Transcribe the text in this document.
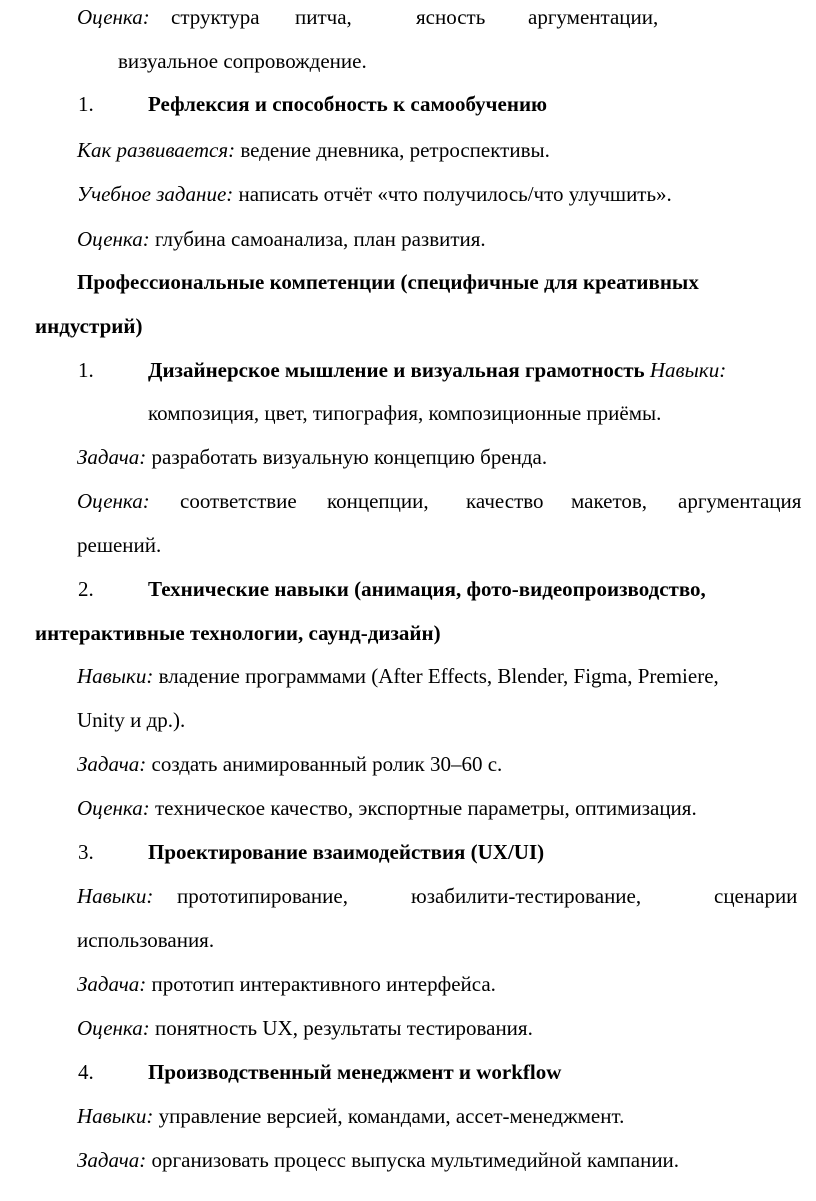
Оценка: структура питча,	ясность аргументации,
визуальное сопровождение.
1.	Рефлексия и способность к самообучению
Как развивается: ведение дневника, ретроспективы.
Учебное задание: написать отчёт «что получилось/что улучшить».
Оценка: глубина самоанализа, план развития.
Профессиональные компетенции (специфичные для креативных
индустрий)
1.	Дизайнерское мышление и визуальная грамотность Навыки:
композиция, цвет, типография, композиционные приёмы.
Задача: разработать визуальную концепцию бренда.
Оценка: соответствие концепции, качество макетов, аргументация
решений.
2.	Технические навыки (анимация, фото-видеопроизводство,
интерактивные технологии, саунд-дизайн)
Навыки: владение программами (After Effects, Blender, Figma, Premiere,
Unity и др.).
Задача: создать анимированный ролик 30–60 с.
Оценка: техническое качество, экспортные параметры, оптимизация.
3.	Проектирование взаимодействия (UX/UI)
Навыки: прототипирование,	юзабилити-тестирование,	сценарии
использования.
Задача: прототип интерактивного интерфейса.
Оценка: понятность UX, результаты тестирования.
4.	Производственный менеджмент и workflow
Навыки: управление версией, командами, ассет-менеджмент.
Задача: организовать процесс выпуска мультимедийной кампании.
